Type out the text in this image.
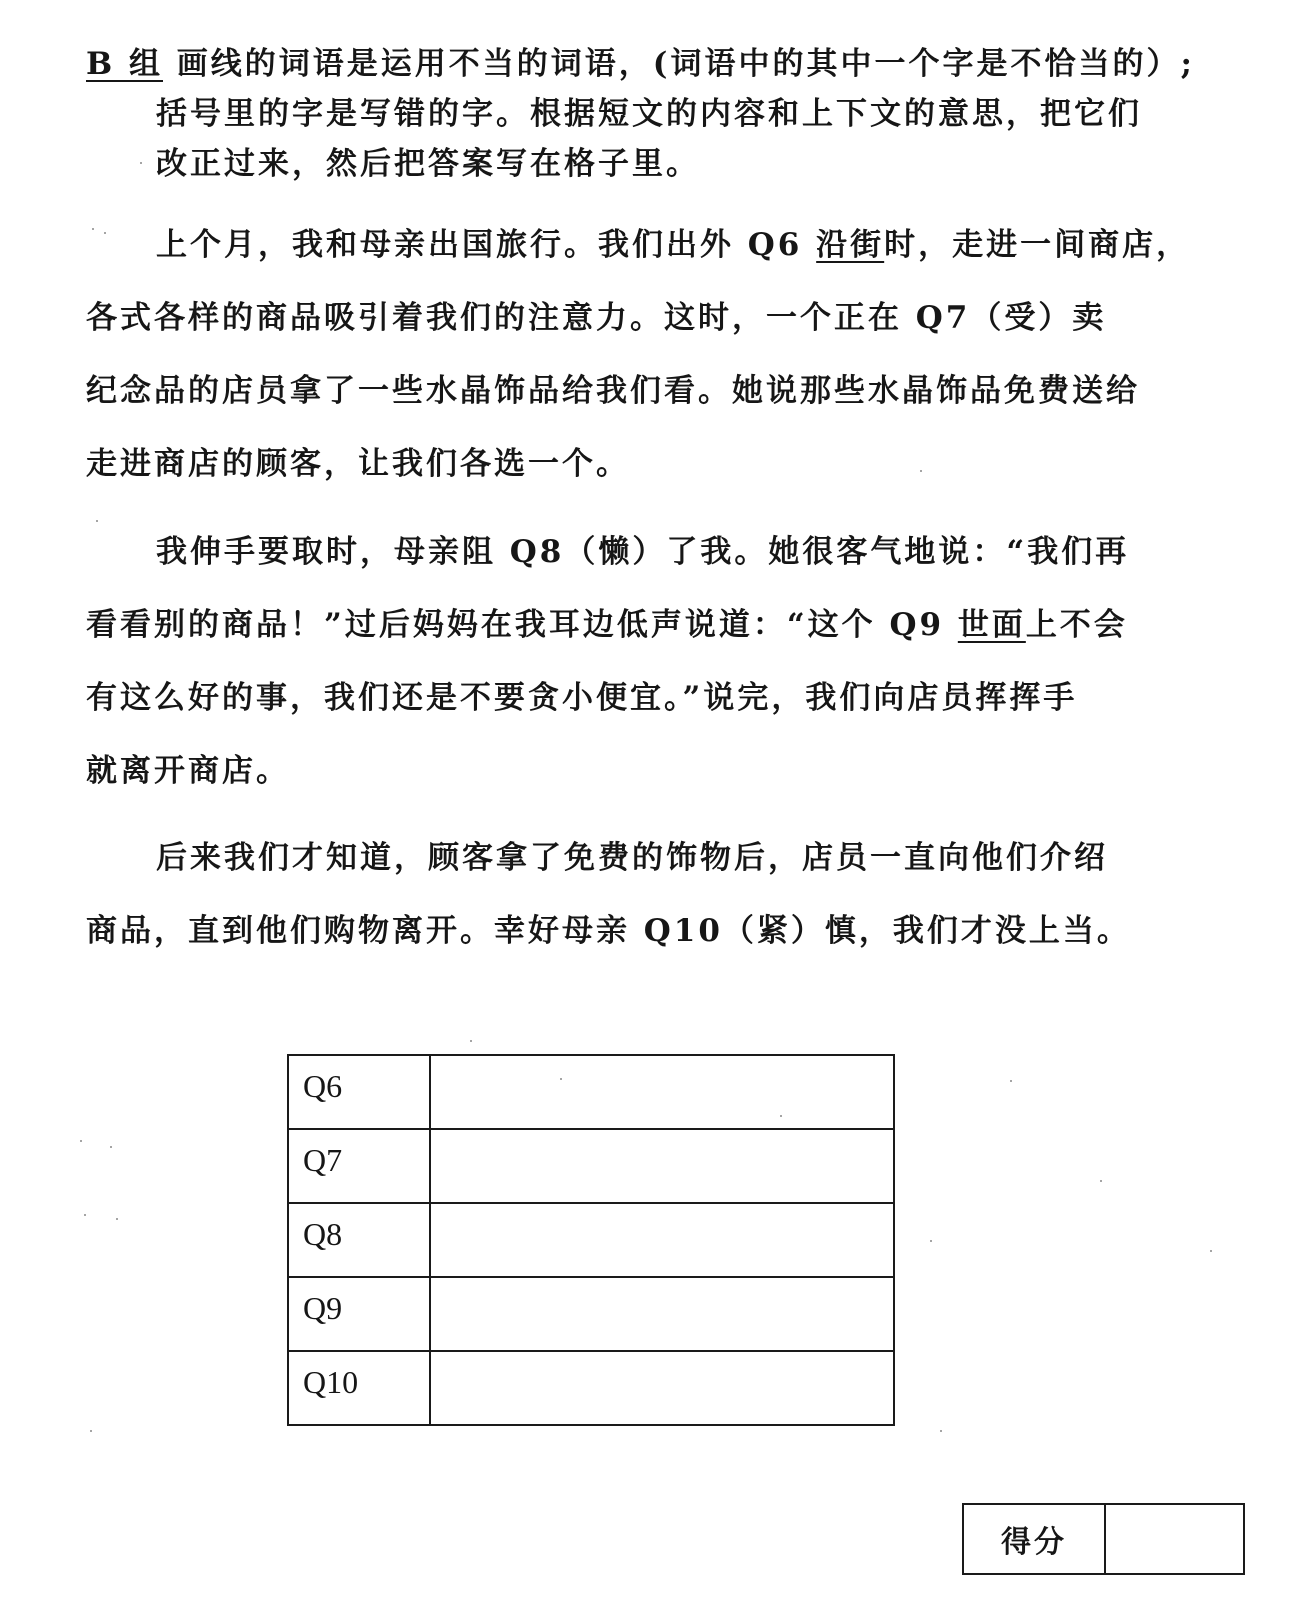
B 组 画线的词语是运用不当的词语，(词语中的其中一个字是不恰当的）;
括号里的字是写错的字。根据短文的内容和上下文的意思，把它们
改正过来，然后把答案写在格子里。
上个月，我和母亲出国旅行。我们出外 Q6 沿街时，走进一间商店，
各式各样的商品吸引着我们的注意力。这时，一个正在 Q7（受）卖
纪念品的店员拿了一些水晶饰品给我们看。她说那些水晶饰品免费送给
走进商店的顾客，让我们各选一个。
我伸手要取时，母亲阻 Q8（懒）了我。她很客气地说：“我们再
看看别的商品！”过后妈妈在我耳边低声说道：“这个 Q9 世面上不会
有这么好的事，我们还是不要贪小便宜。”说完，我们向店员挥挥手
就离开商店。
后来我们才知道，顾客拿了免费的饰物后，店员一直向他们介绍
商品，直到他们购物离开。幸好母亲 Q10（紧）慎，我们才没上当。
Q6	
Q7	
Q8	
Q9	
Q10	
得分	
